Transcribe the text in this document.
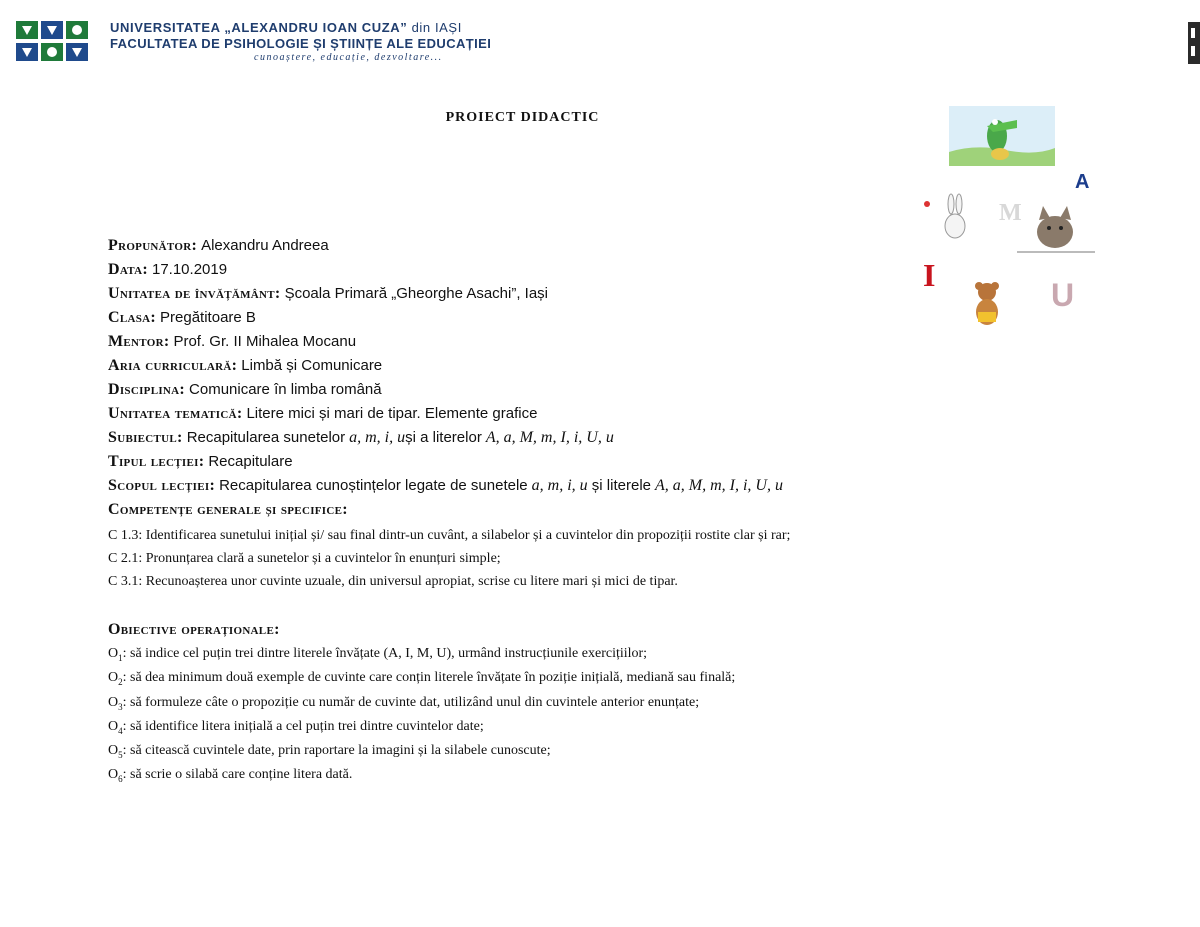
UNIVERSITATEA „ALEXANDRU IOAN CUZA” din IAȘI
FACULTATEA DE PSIHOLOGIE ȘI ȘTIINȚE ALE EDUCAȚIEI
cunoaștere, educație, dezvoltare...
PROIECT DIDACTIC
A
M
I
U
Propunător: Alexandru Andreea
Data: 17.10.2019
Unitatea de învățământ: Școala Primară „Gheorghe Asachi”, Iași
Clasa: Pregătitoare B
Mentor: Prof. Gr. II Mihalea Mocanu
Aria curriculară: Limbă și Comunicare
Disciplina: Comunicare în limba română
Unitatea tematică: Litere mici și mari de tipar. Elemente grafice
Subiectul: Recapitularea sunetelor a, m, i, uși a literelor A, a, M, m, I, i, U, u
Tipul lecției: Recapitulare
Scopul lecției: Recapitularea cunoștințelor legate de sunetele a, m, i, u și literele A, a, M, m, I, i, U, u
Competențe generale și specifice:
C 1.3: Identificarea sunetului inițial și/ sau final dintr-un cuvânt, a silabelor și a cuvintelor din propoziții rostite clar și rar;
C 2.1: Pronunțarea clară a sunetelor și a cuvintelor în enunțuri simple;
C 3.1: Recunoașterea unor cuvinte uzuale, din universul apropiat, scrise cu litere mari și mici de tipar.
Obiective operaționale:
$O_1$: să indice cel puțin trei dintre literele învățate (A, I, M, U), urmând instrucțiunile exercițiilor;
$O_2$: să dea minimum două exemple de cuvinte care conțin literele învățate în poziție inițială, mediană sau finală;
$O_3$: să formuleze câte o propoziție cu număr de cuvinte dat, utilizând unul din cuvintele anterior enunțate;
$O_4$: să identifice litera inițială a cel puțin trei dintre cuvintelor date;
$O_5$: să citească cuvintele date, prin raportare la imagini și la silabele cunoscute;
$O_6$: să scrie o silabă care conține litera dată.
